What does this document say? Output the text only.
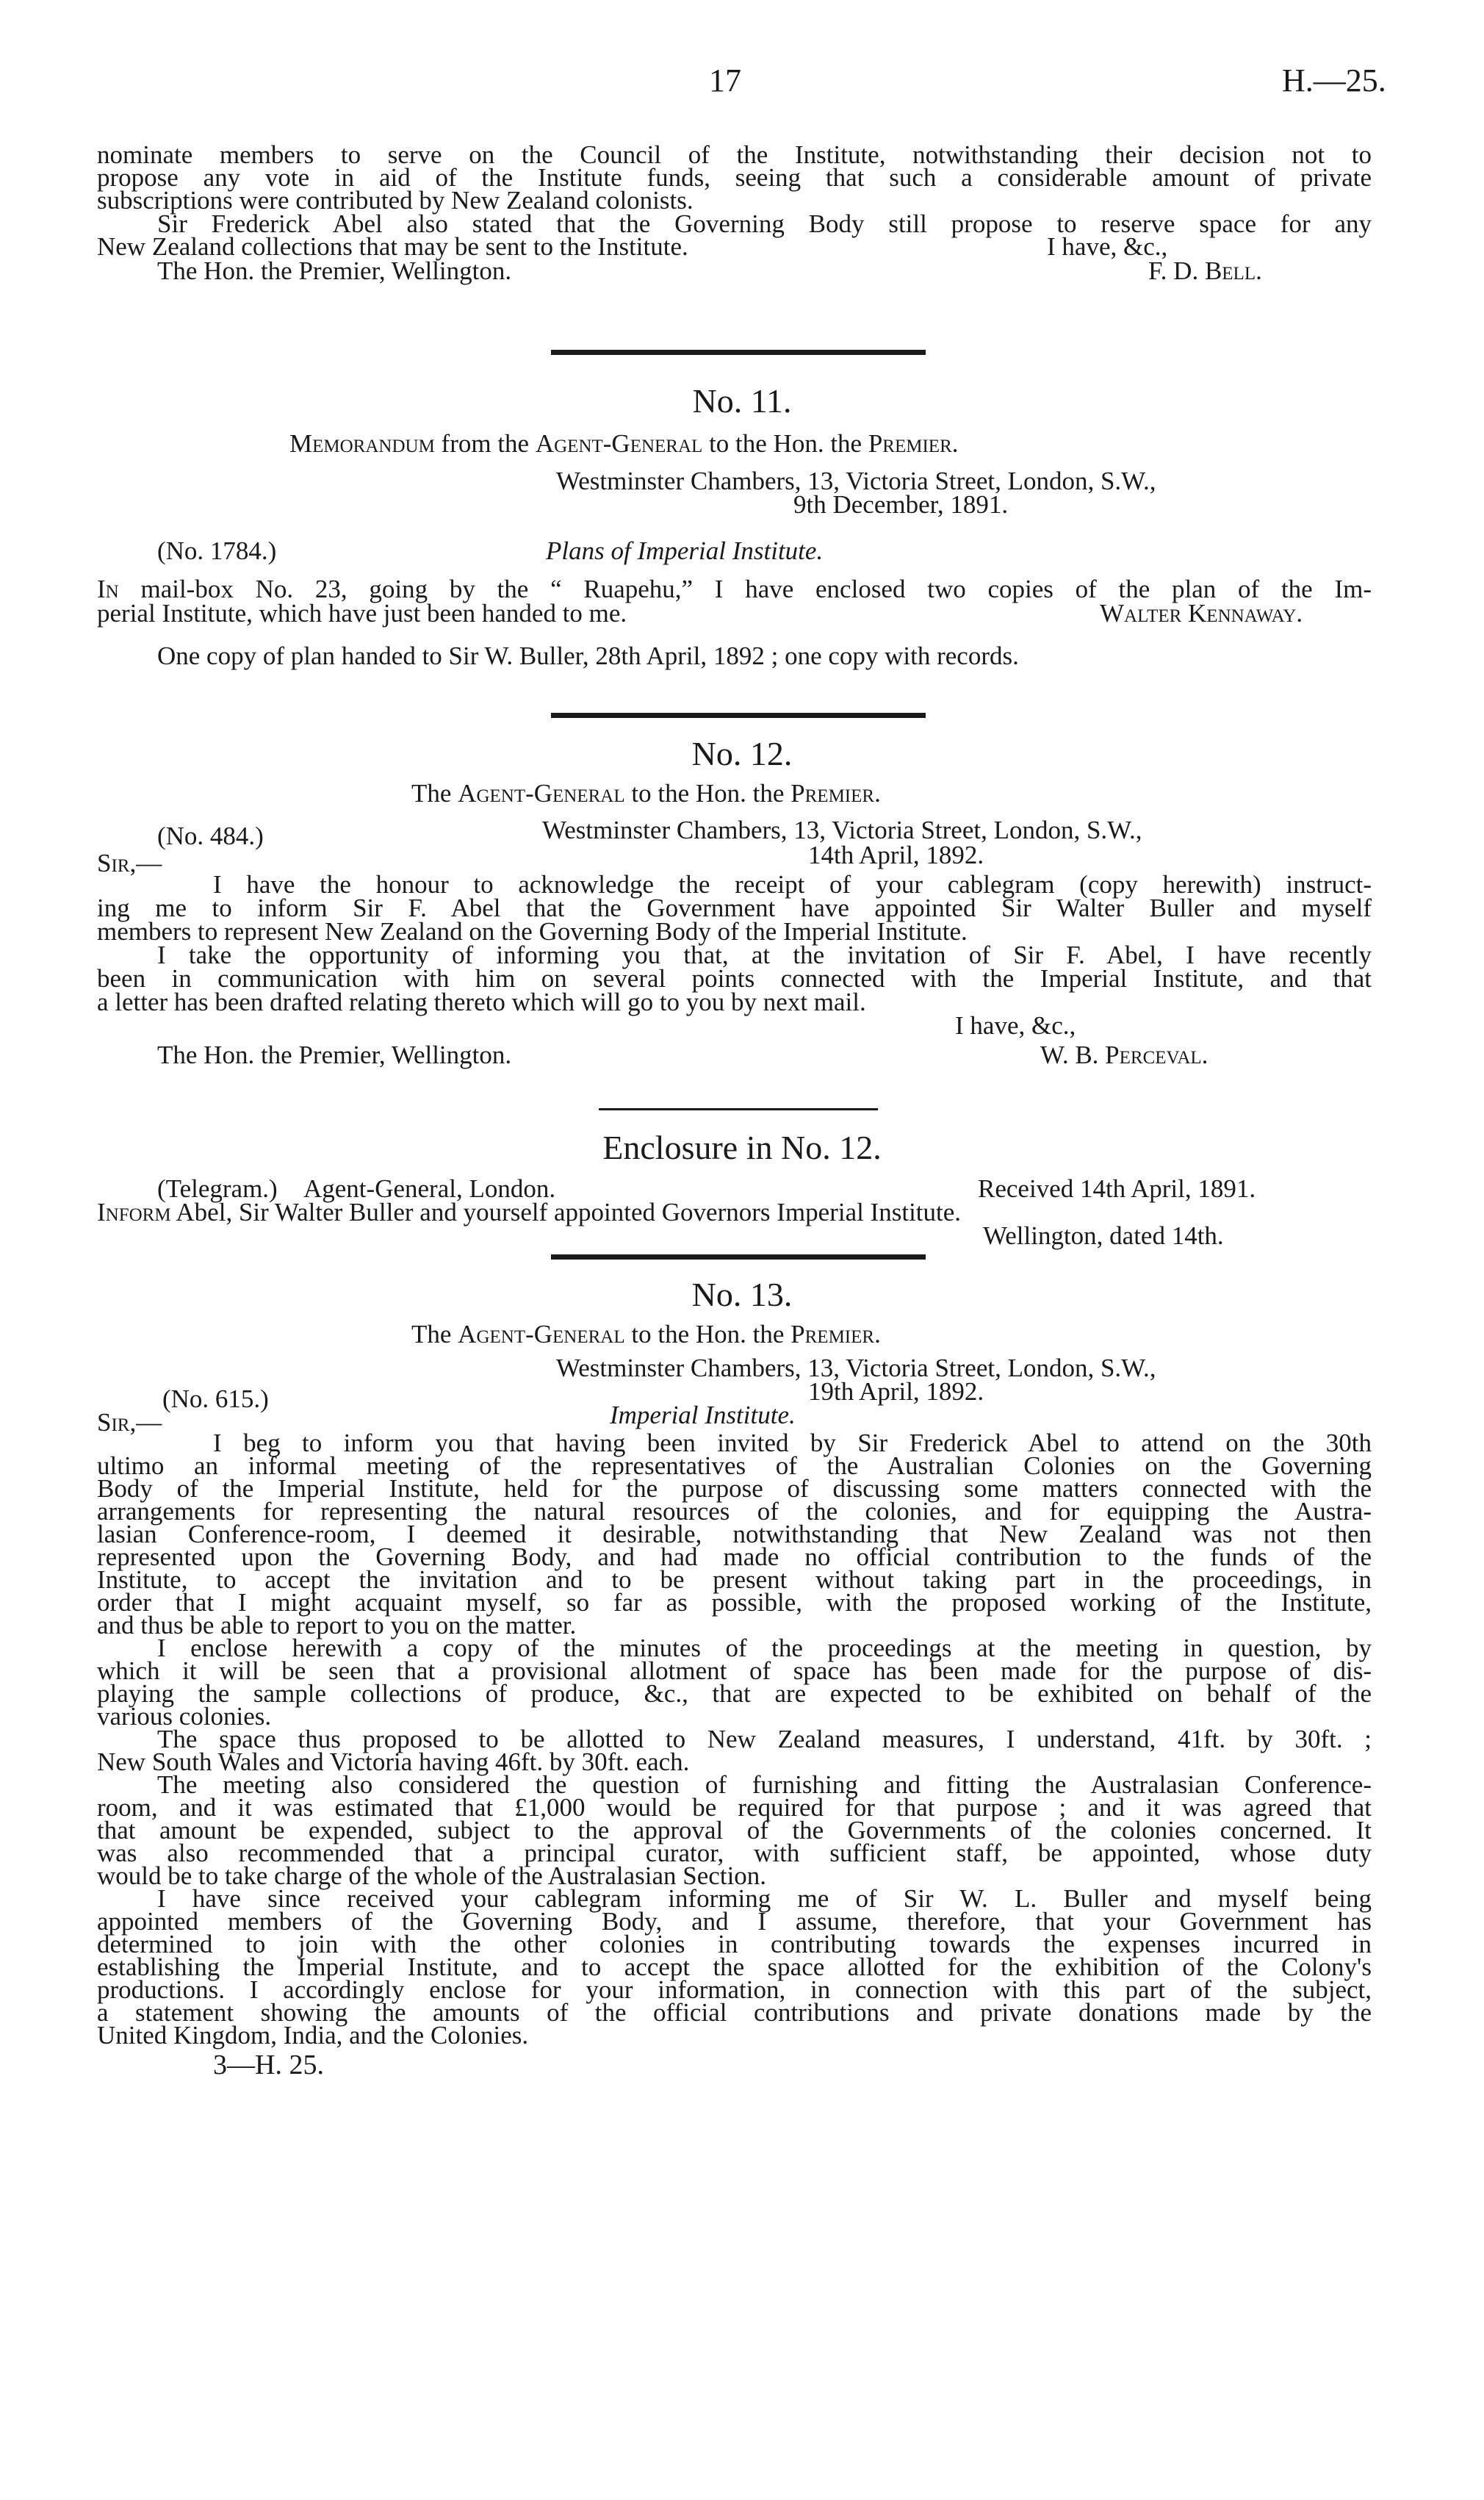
17	H.—25.
nominate members to serve on the Council of the Institute, notwithstanding their decision not to
propose any vote in aid of the Institute funds, seeing that such a considerable amount of private
subscriptions were contributed by New Zealand colonists.
Sir Frederick Abel also stated that the Governing Body still propose to reserve space for any
New Zealand collections that may be sent to the Institute.	I have, &c.,
The Hon. the Premier, Wellington.	F. D. Bell.
No. 11.
Memorandum from the Agent-General to the Hon. the Premier.
Westminster Chambers, 13, Victoria Street, London, S.W.,
9th December, 1891.
(No. 1784.)	Plans of Imperial Institute.
In mail-box No. 23, going by the “ Ruapehu,” I have enclosed two copies of the plan of the Im-
perial Institute, which have just been handed to me.	Walter Kennaway.
One copy of plan handed to Sir W. Buller, 28th April, 1892 ; one copy with records.
No. 12.
The Agent-General to the Hon. the Premier.
(No. 484.)	Westminster Chambers, 13, Victoria Street, London, S.W.,
14th April, 1892.
Sir,—
I have the honour to acknowledge the receipt of your cablegram (copy herewith) instruct-
ing me to inform Sir F. Abel that the Government have appointed Sir Walter Buller and myself
members to represent New Zealand on the Governing Body of the Imperial Institute.
I take the opportunity of informing you that, at the invitation of Sir F. Abel, I have recently
been in communication with him on several points connected with the Imperial Institute, and that
a letter has been drafted relating thereto which will go to you by next mail.
I have, &c.,
The Hon. the Premier, Wellington.	W. B. Perceval.
Enclosure in No. 12.
(Telegram.) Agent-General, London.	Received 14th April, 1891.
Inform Abel, Sir Walter Buller and yourself appointed Governors Imperial Institute.
Wellington, dated 14th.
No. 13.
The Agent-General to the Hon. the Premier.
Westminster Chambers, 13, Victoria Street, London, S.W.,
(No. 615.)	19th April, 1892.
Sir,—	Imperial Institute.
I beg to inform you that having been invited by Sir Frederick Abel to attend on the 30th
ultimo an informal meeting of the representatives of the Australian Colonies on the Governing
Body of the Imperial Institute, held for the purpose of discussing some matters connected with the
arrangements for representing the natural resources of the colonies, and for equipping the Austra-
lasian Conference-room, I deemed it desirable, notwithstanding that New Zealand was not then
represented upon the Governing Body, and had made no official contribution to the funds of the
Institute, to accept the invitation and to be present without taking part in the proceedings, in
order that I might acquaint myself, so far as possible, with the proposed working of the Institute,
and thus be able to report to you on the matter.
I enclose herewith a copy of the minutes of the proceedings at the meeting in question, by
which it will be seen that a provisional allotment of space has been made for the purpose of dis-
playing the sample collections of produce, &c., that are expected to be exhibited on behalf of the
various colonies.
The space thus proposed to be allotted to New Zealand measures, I understand, 41ft. by 30ft. ;
New South Wales and Victoria having 46ft. by 30ft. each.
The meeting also considered the question of furnishing and fitting the Australasian Conference-
room, and it was estimated that £1,000 would be required for that purpose ; and it was agreed that
that amount be expended, subject to the approval of the Governments of the colonies concerned. It
was also recommended that a principal curator, with sufficient staff, be appointed, whose duty
would be to take charge of the whole of the Australasian Section.
I have since received your cablegram informing me of Sir W. L. Buller and myself being
appointed members of the Governing Body, and I assume, therefore, that your Government has
determined to join with the other colonies in contributing towards the expenses incurred in
establishing the Imperial Institute, and to accept the space allotted for the exhibition of the Colony's
productions. I accordingly enclose for your information, in connection with this part of the subject,
a statement showing the amounts of the official contributions and private donations made by the
United Kingdom, India, and the Colonies.
3—H. 25.
